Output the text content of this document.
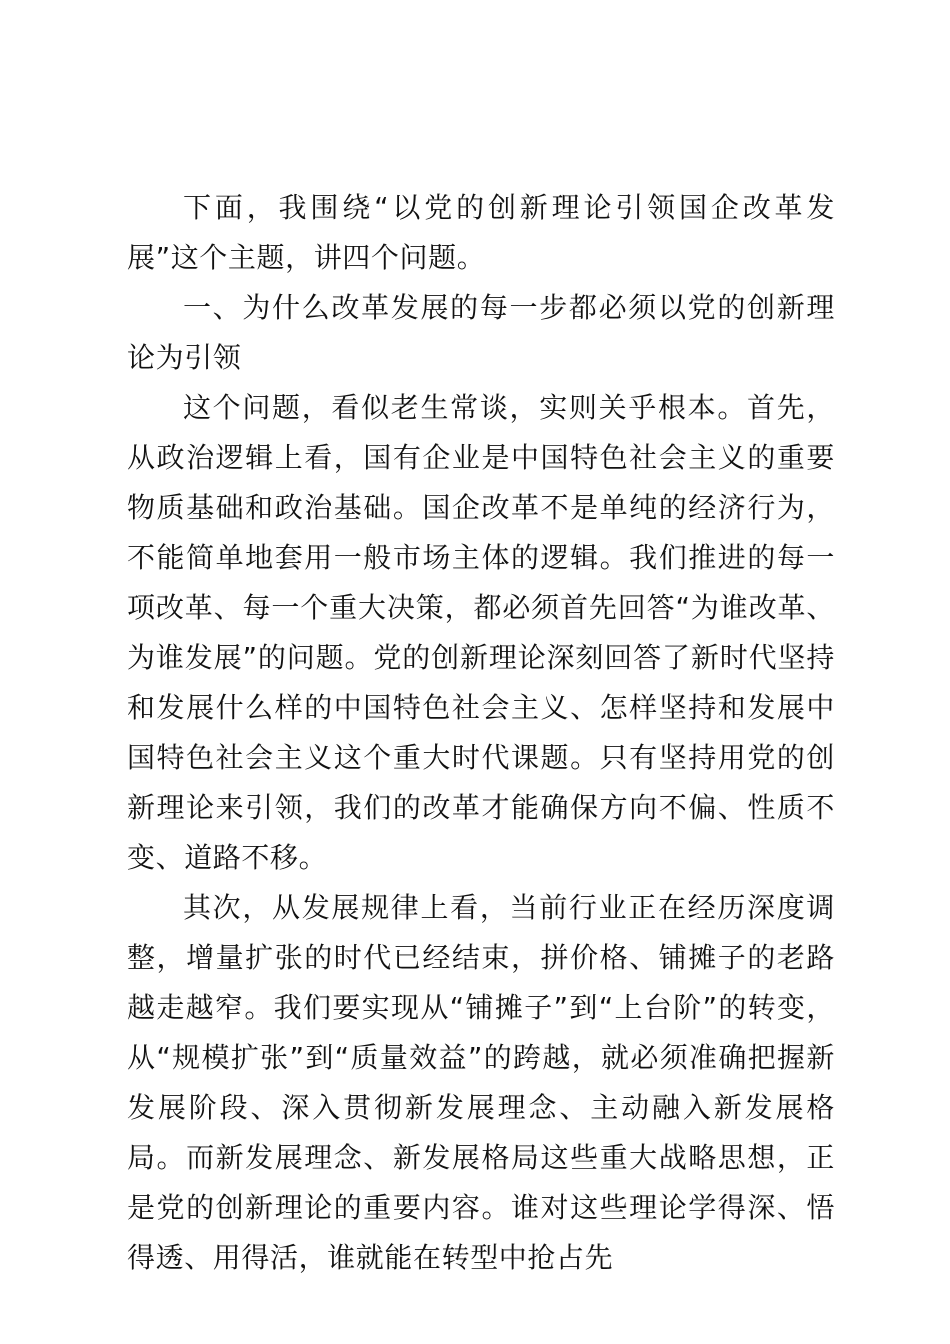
下面，我围绕“以党的创新理论引领国企改革发展”这个主题，讲四个问题。

一、为什么改革发展的每一步都必须以党的创新理论为引领

这个问题，看似老生常谈，实则关乎根本。首先，从政治逻辑上看，国有企业是中国特色社会主义的重要物质基础和政治基础。国企改革不是单纯的经济行为，不能简单地套用一般市场主体的逻辑。我们推进的每一项改革、每一个重大决策，都必须首先回答“为谁改革、为谁发展”的问题。党的创新理论深刻回答了新时代坚持和发展什么样的中国特色社会主义、怎样坚持和发展中国特色社会主义这个重大时代课题。只有坚持用党的创新理论来引领，我们的改革才能确保方向不偏、性质不变、道路不移。

其次，从发展规律上看，当前行业正在经历深度调整，增量扩张的时代已经结束，拼价格、铺摊子的老路越走越窄。我们要实现从“铺摊子”到“上台阶”的转变，从“规模扩张”到“质量效益”的跨越，就必须准确把握新发展阶段、深入贯彻新发展理念、主动融入新发展格局。而新发展理念、新发展格局这些重大战略思想，正是党的创新理论的重要内容。谁对这些理论学得深、悟得透、用得活，谁就能在转型中抢占先
